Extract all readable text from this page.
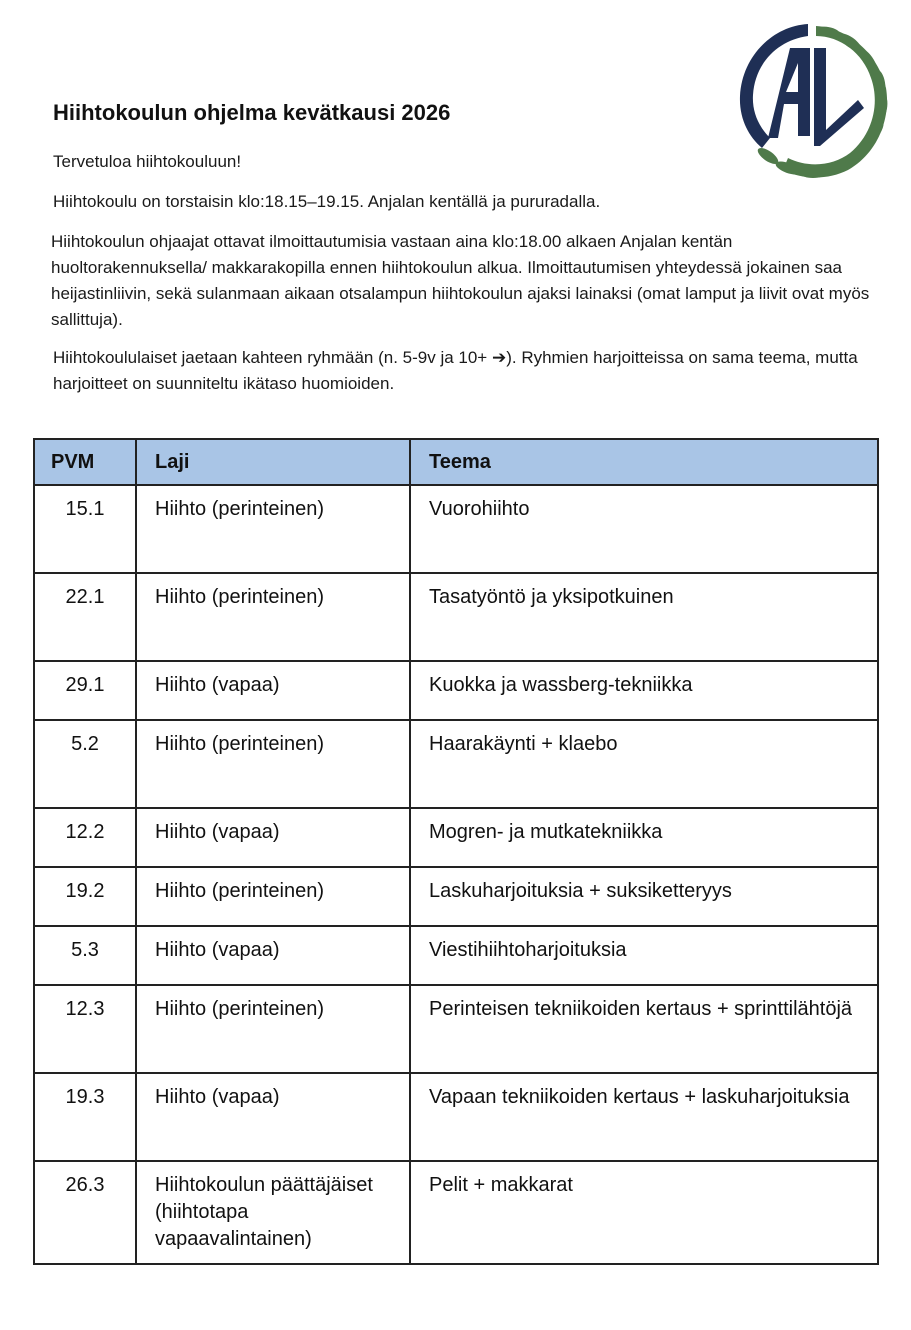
Hiihtokoulun ohjelma kevätkausi 2026

Tervetuloa hiihtokouluun!

Hiihtokoulu on torstaisin klo:18.15–19.15. Anjalan kentällä ja pururadalla.

Hiihtokoulun ohjaajat ottavat ilmoittautumisia vastaan aina klo:18.00 alkaen Anjalan kentän huoltorakennuksella/ makkarakopilla ennen hiihtokoulun alkua. Ilmoittautumisen yhteydessä jokainen saa heijastinliivin, sekä sulanmaan aikaan otsalampun hiihtokoulun ajaksi lainaksi (omat lamput ja liivit ovat myös sallittuja).

Hiihtokoululaiset jaetaan kahteen ryhmään (n. 5-9v ja 10+ ➔). Ryhmien harjoitteissa on sama teema, mutta harjoitteet on suunniteltu ikätaso huomioiden.

PVM	Laji	Teema
15.1	Hiihto (perinteinen)	Vuorohiihto
22.1	Hiihto (perinteinen)	Tasatyöntö ja yksipotkuinen
29.1	Hiihto (vapaa)	Kuokka ja wassberg-tekniikka
5.2	Hiihto (perinteinen)	Haarakäynti + klaebo
12.2	Hiihto (vapaa)	Mogren- ja mutkatekniikka
19.2	Hiihto (perinteinen)	Laskuharjoituksia + suksiketteryys
5.3	Hiihto (vapaa)	Viestihiihtoharjoituksia
12.3	Hiihto (perinteinen)	Perinteisen tekniikoiden kertaus + sprinttilähtöjä
19.3	Hiihto (vapaa)	Vapaan tekniikoiden kertaus + laskuharjoituksia
26.3	Hiihtokoulun päättäjäiset (hiihtotapa vapaavalintainen)	Pelit + makkarat
